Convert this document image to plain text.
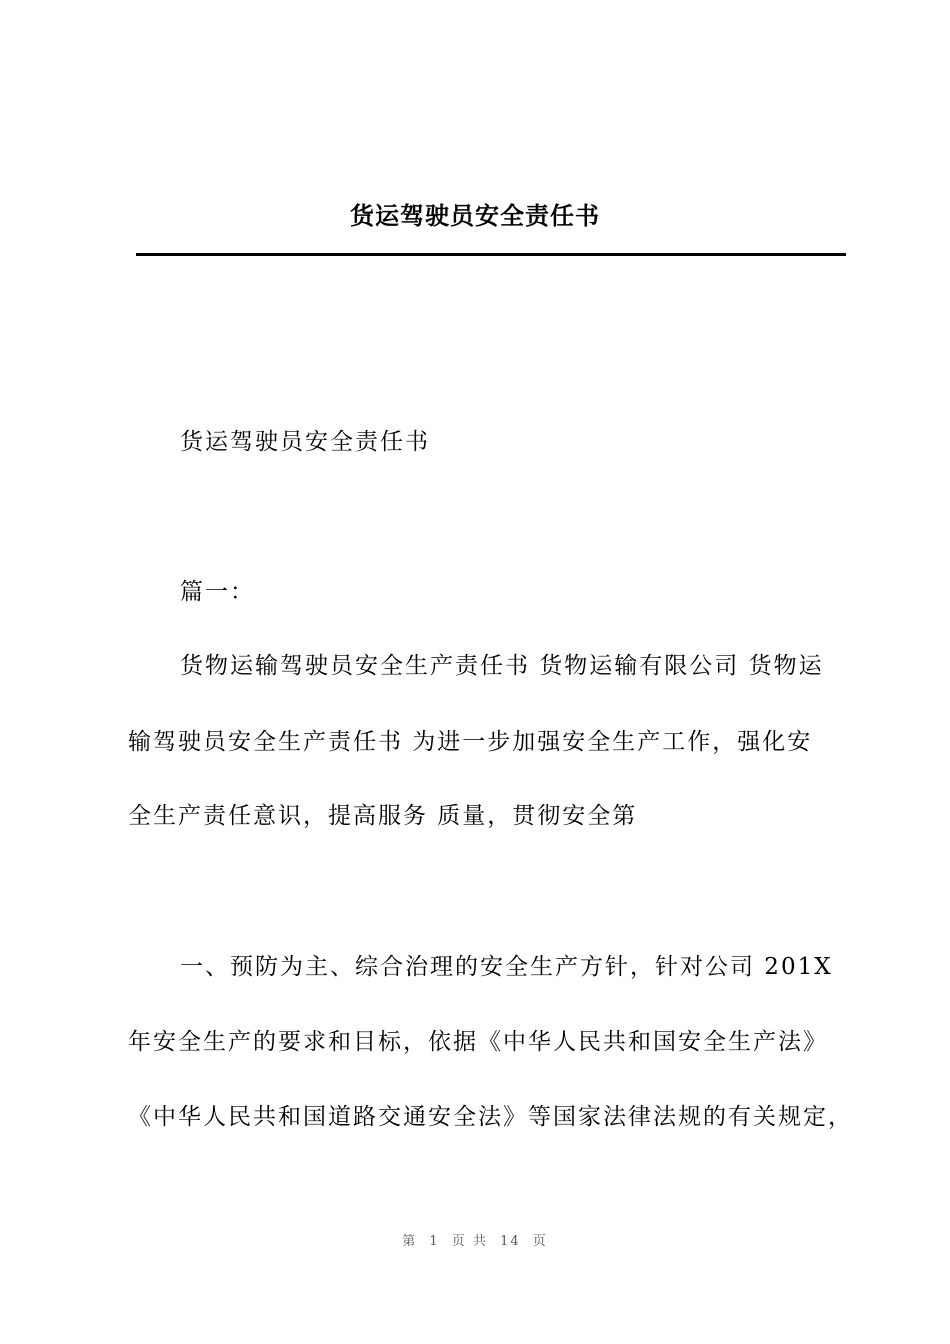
货运驾驶员安全责任书
货运驾驶员安全责任书
篇一：
货物运输驾驶员安全生产责任书 货物运输有限公司 货物运
输驾驶员安全生产责任书 为进一步加强安全生产工作，强化安
全生产责任意识，提高服务 质量，贯彻安全第
一、预防为主、综合治理的安全生产方针，针对公司 201X
年安全生产的要求和目标，依据《中华人民共和国安全生产法》
《中华人民共和国道路交通安全法》等国家法律法规的有关规定，
第 1 页 共 14 页
